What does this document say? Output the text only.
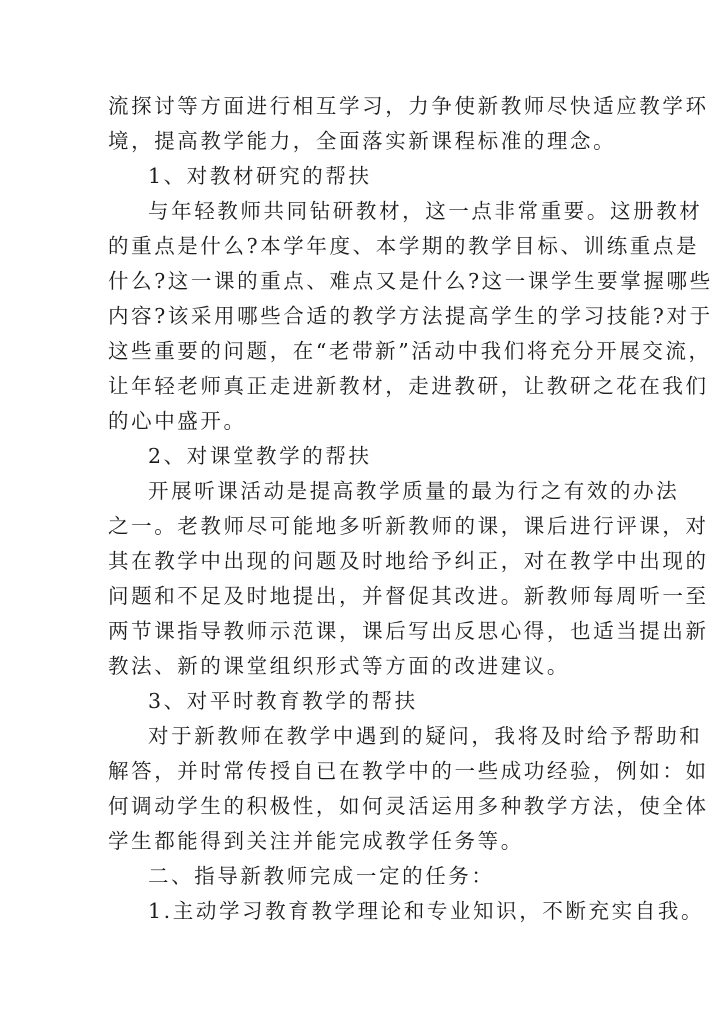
流探讨等方面进行相互学习，力争使新教师尽快适应教学环
境，提高教学能力，全面落实新课程标准的理念。
1、对教材研究的帮扶
与年轻教师共同钻研教材，这一点非常重要。这册教材
的重点是什么?本学年度、本学期的教学目标、训练重点是
什么?这一课的重点、难点又是什么?这一课学生要掌握哪些
内容?该采用哪些合适的教学方法提高学生的学习技能?对于
这些重要的问题，在“老带新”活动中我们将充分开展交流，
让年轻老师真正走进新教材，走进教研，让教研之花在我们
的心中盛开。
2、对课堂教学的帮扶
开展听课活动是提高教学质量的最为行之有效的办法
之一。老教师尽可能地多听新教师的课，课后进行评课，对
其在教学中出现的问题及时地给予纠正，对在教学中出现的
问题和不足及时地提出，并督促其改进。新教师每周听一至
两节课指导教师示范课，课后写出反思心得，也适当提出新
教法、新的课堂组织形式等方面的改进建议。
3、对平时教育教学的帮扶
对于新教师在教学中遇到的疑问，我将及时给予帮助和
解答，并时常传授自已在教学中的一些成功经验，例如：如
何调动学生的积极性，如何灵活运用多种教学方法，使全体
学生都能得到关注并能完成教学任务等。
二、指导新教师完成一定的任务：
1.主动学习教育教学理论和专业知识，不断充实自我。
